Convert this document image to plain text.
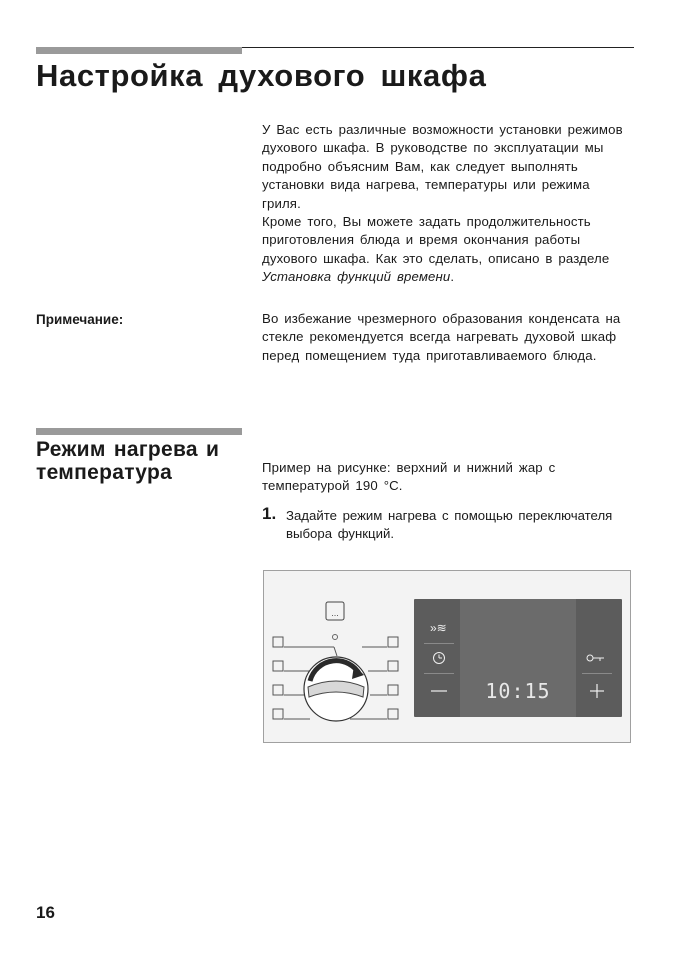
Настройка духового шкафа

У Вас есть различные возможности установки режимов духового шкафа. В руководстве по эксплуатации мы подробно объясним Вам, как следует выполнять установки вида нагрева, температуры или режима гриля.

Кроме того, Вы можете задать продолжительность приготовления блюда и время окончания работы духового шкафа. Как это сделать, описано в разделе Установка функций времени.

Примечание:	Во избежание чрезмерного образования конденсата на стекле рекомендуется всегда нагревать духовой шкаф перед помещением туда приготавливаемого блюда.

Режим нагрева и температура	Пример на рисунке: верхний и нижний жар с температурой 190 °C.

1. Задайте режим нагрева с помощью переключателя выбора функций.
...
»≋
10:15
16
